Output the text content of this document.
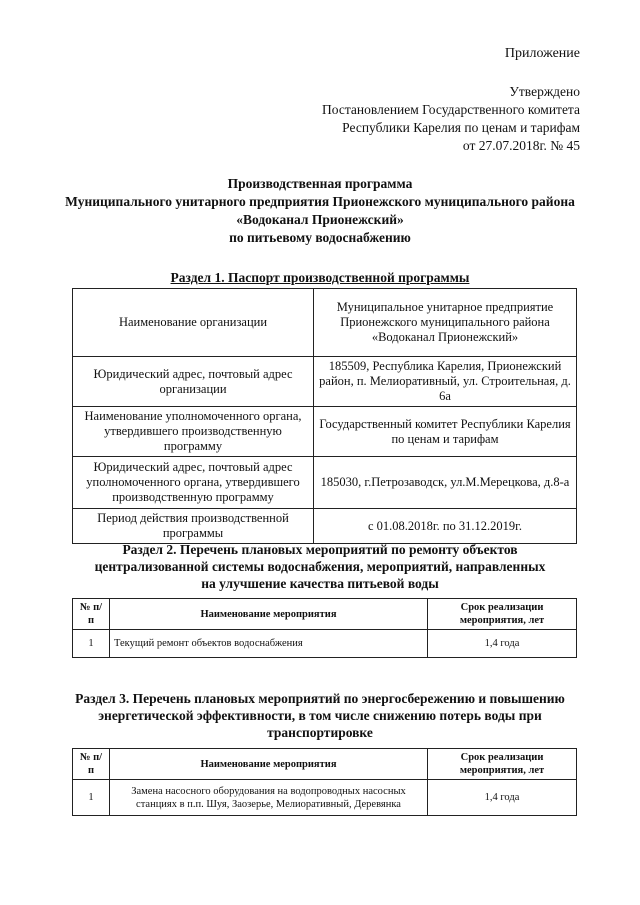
Приложение
Утверждено
Постановлением Государственного комитета
Республики Карелия по ценам и тарифам
от 27.07.2018г. № 45
Производственная программа
Муниципального унитарного предприятия Прионежского муниципального района
«Водоканал Прионежский»
по питьевому водоснабжению
Раздел 1. Паспорт производственной программы
Наименование организации	Муниципальное унитарное предприятие Прионежского муниципального района «Водоканал Прионежский»
Юридический адрес, почтовый адрес организации	185509, Республика Карелия, Прионежский район, п. Мелиоративный, ул. Строительная, д. 6а
Наименование уполномоченного органа, утвердившего производственную программу	Государственный комитет Республики Карелия по ценам и тарифам
Юридический адрес, почтовый адрес уполномоченного органа, утвердившего производственную программу	185030, г.Петрозаводск, ул.М.Мерецкова, д.8-а
Период действия производственной программы	с 01.08.2018г. по 31.12.2019г.
Раздел 2. Перечень плановых мероприятий по ремонту объектов централизованной системы водоснабжения, мероприятий, направленных на улучшение качества питьевой воды
№ п/п	Наименование мероприятия	Срок реализации мероприятия, лет
1	Текущий ремонт объектов водоснабжения	1,4 года
Раздел 3. Перечень плановых мероприятий по энергосбережению и повышению энергетической эффективности, в том числе снижению потерь воды при транспортировке
№ п/п	Наименование мероприятия	Срок реализации мероприятия, лет
1	Замена насосного оборудования на водопроводных насосных станциях в п.п. Шуя, Заозерье, Мелиоративный, Деревянка	1,4 года
